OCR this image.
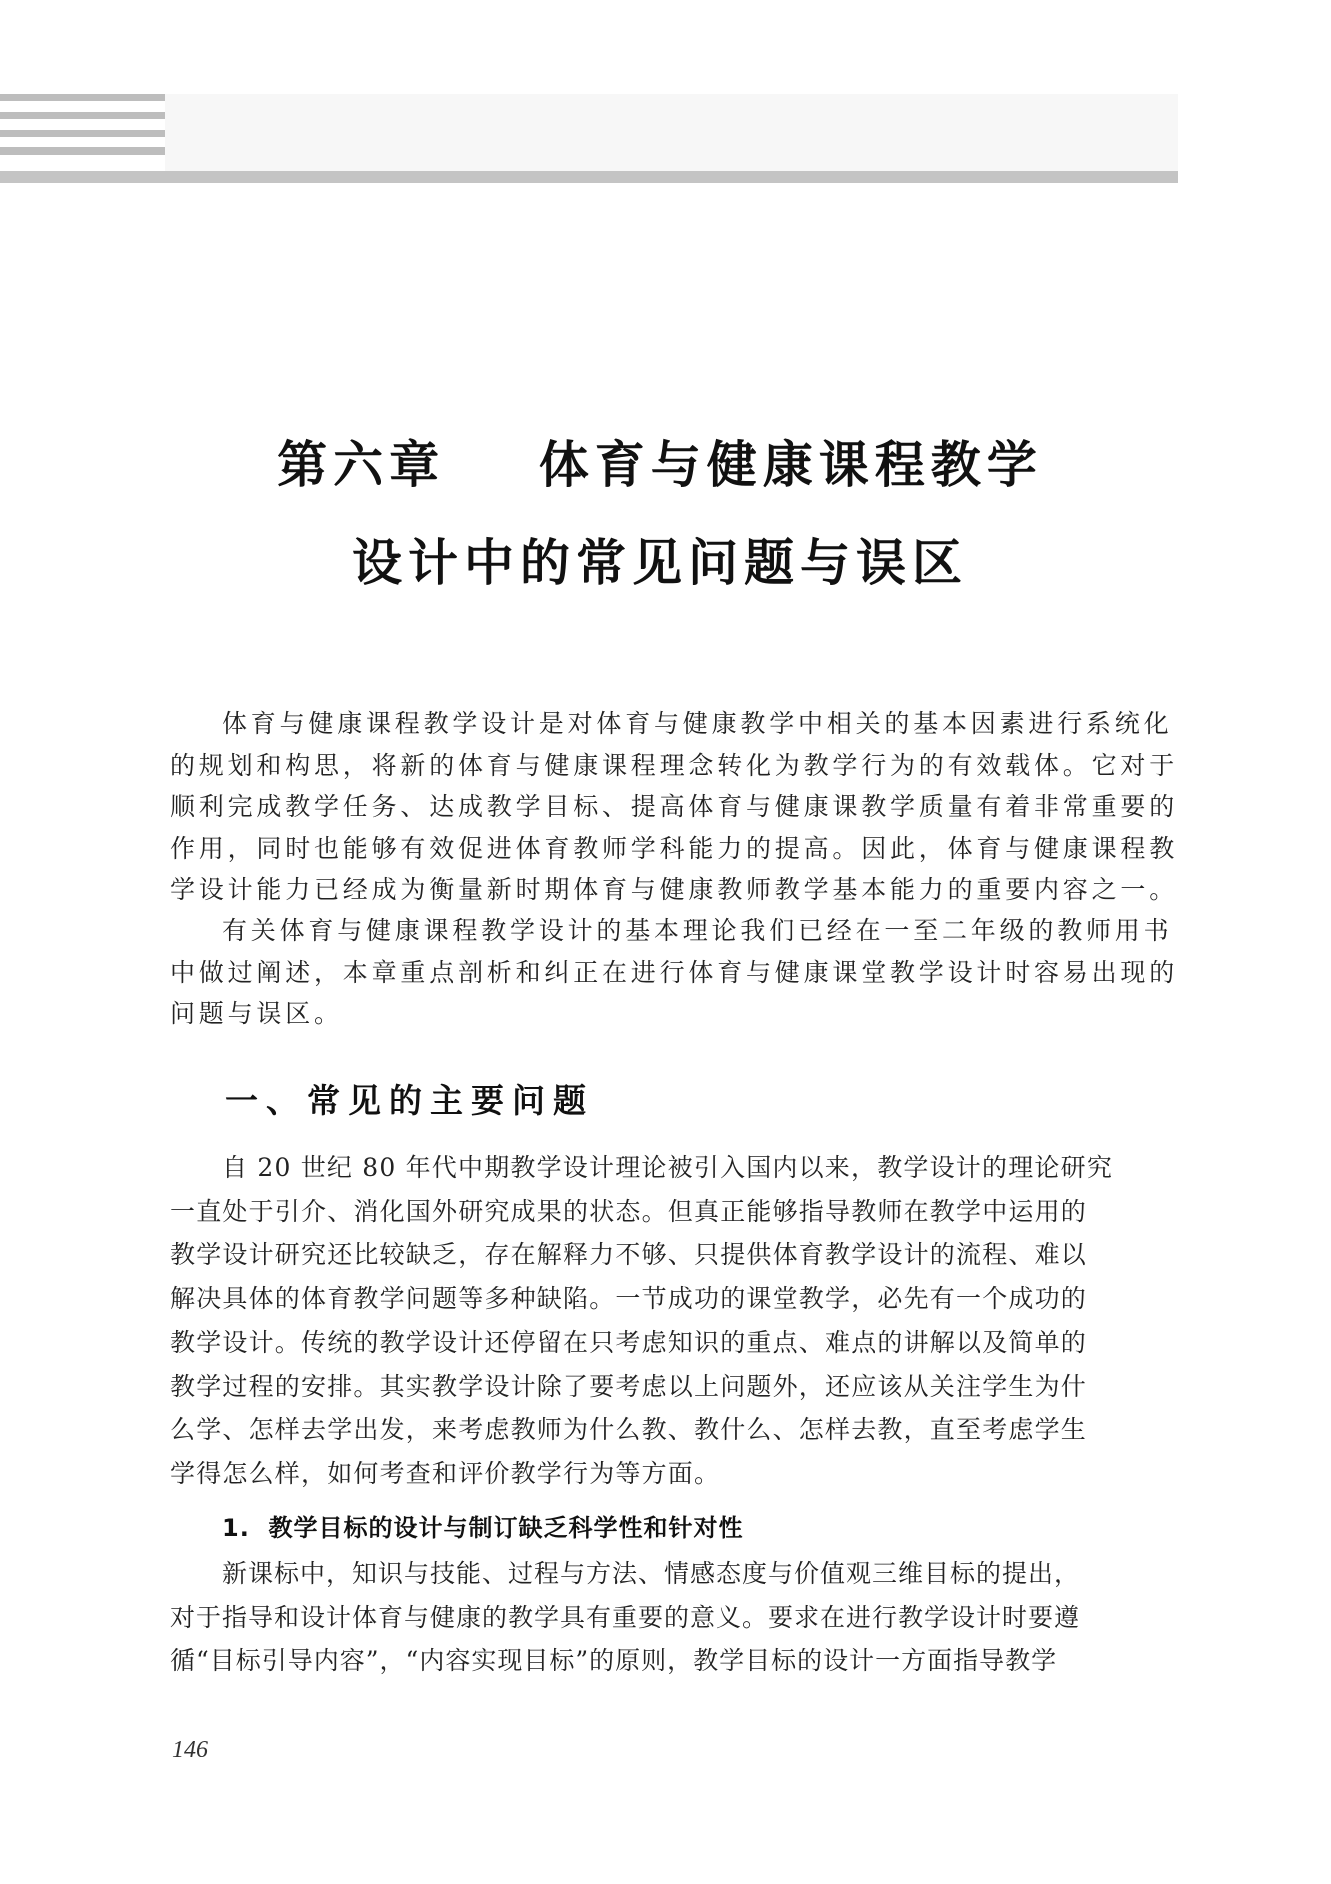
第六章    体育与健康课程教学
设计中的常见问题与误区
体育与健康课程教学设计是对体育与健康教学中相关的基本因素进行系统化
的规划和构思，将新的体育与健康课程理念转化为教学行为的有效载体。它对于
顺利完成教学任务、达成教学目标、提高体育与健康课教学质量有着非常重要的
作用，同时也能够有效促进体育教师学科能力的提高。因此，体育与健康课程教
学设计能力已经成为衡量新时期体育与健康教师教学基本能力的重要内容之一。
有关体育与健康课程教学设计的基本理论我们已经在一至二年级的教师用书
中做过阐述，本章重点剖析和纠正在进行体育与健康课堂教学设计时容易出现的
问题与误区。
一、常见的主要问题
自 20 世纪 80 年代中期教学设计理论被引入国内以来，教学设计的理论研究
一直处于引介、消化国外研究成果的状态。但真正能够指导教师在教学中运用的
教学设计研究还比较缺乏，存在解释力不够、只提供体育教学设计的流程、难以
解决具体的体育教学问题等多种缺陷。一节成功的课堂教学，必先有一个成功的
教学设计。传统的教学设计还停留在只考虑知识的重点、难点的讲解以及简单的
教学过程的安排。其实教学设计除了要考虑以上问题外，还应该从关注学生为什
么学、怎样去学出发，来考虑教师为什么教、教什么、怎样去教，直至考虑学生
学得怎么样，如何考查和评价教学行为等方面。
1.  教学目标的设计与制订缺乏科学性和针对性
新课标中，知识与技能、过程与方法、情感态度与价值观三维目标的提出，
对于指导和设计体育与健康的教学具有重要的意义。要求在进行教学设计时要遵
循“目标引导内容”，“内容实现目标”的原则，教学目标的设计一方面指导教学
146
